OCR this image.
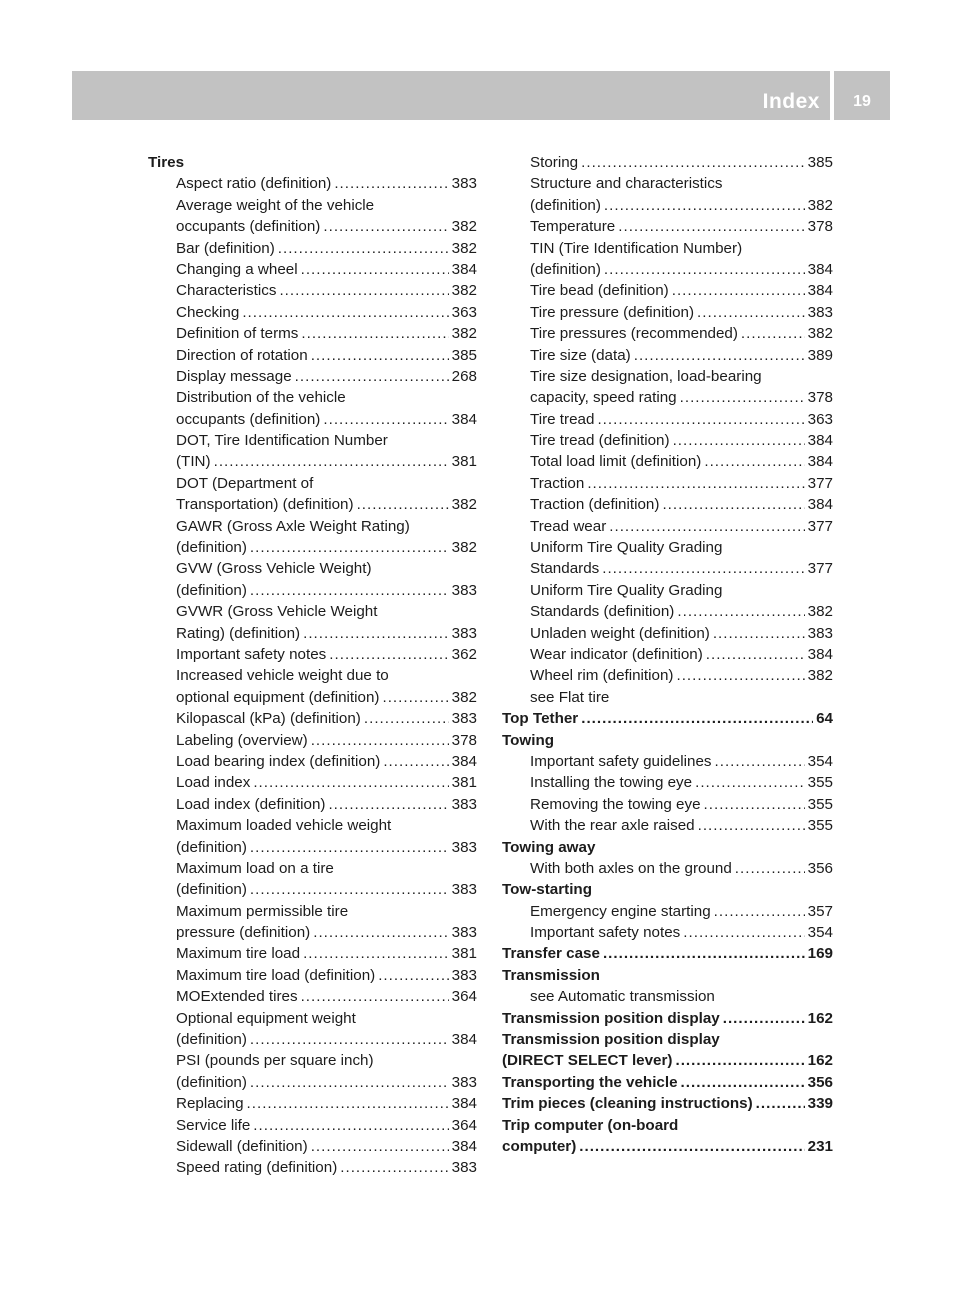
Index	19
Tires
Aspect ratio (definition) .....	383
Average weight of the vehicle
occupants (definition) .....	382
Bar (definition) .....	382
Changing a wheel .....	384
Characteristics .....	382
Checking .....	363
Definition of terms .....	382
Direction of rotation .....	385
Display message .....	268
Distribution of the vehicle
occupants (definition) .....	384
DOT, Tire Identification Number
(TIN) .....	381
DOT (Department of
Transportation) (definition) .....	382
GAWR (Gross Axle Weight Rating)
(definition) .....	382
GVW (Gross Vehicle Weight)
(definition) .....	383
GVWR (Gross Vehicle Weight
Rating) (definition) .....	383
Important safety notes .....	362
Increased vehicle weight due to
optional equipment (definition) .....	382
Kilopascal (kPa) (definition) .....	383
Labeling (overview) .....	378
Load bearing index (definition) .....	384
Load index .....	381
Load index (definition) .....	383
Maximum loaded vehicle weight
(definition) .....	383
Maximum load on a tire
(definition) .....	383
Maximum permissible tire
pressure (definition) .....	383
Maximum tire load .....	381
Maximum tire load (definition) .....	383
MOExtended tires .....	364
Optional equipment weight
(definition) .....	384
PSI (pounds per square inch)
(definition) .....	383
Replacing .....	384
Service life .....	364
Sidewall (definition) .....	384
Speed rating (definition) .....	383
Storing .....	385
Structure and characteristics
(definition) .....	382
Temperature .....	378
TIN (Tire Identification Number)
(definition) .....	384
Tire bead (definition) .....	384
Tire pressure (definition) .....	383
Tire pressures (recommended) .....	382
Tire size (data) .....	389
Tire size designation, load-bearing
capacity, speed rating .....	378
Tire tread .....	363
Tire tread (definition) .....	384
Total load limit (definition) .....	384
Traction .....	377
Traction (definition) .....	384
Tread wear .....	377
Uniform Tire Quality Grading
Standards .....	377
Uniform Tire Quality Grading
Standards (definition) .....	382
Unladen weight (definition) .....	383
Wear indicator (definition) .....	384
Wheel rim (definition) .....	382
see Flat tire
Top Tether .....	64
Towing
Important safety guidelines .....	354
Installing the towing eye .....	355
Removing the towing eye .....	355
With the rear axle raised .....	355
Towing away
With both axles on the ground .....	356
Tow-starting
Emergency engine starting .....	357
Important safety notes .....	354
Transfer case .....	169
Transmission
see Automatic transmission
Transmission position display .....	162
Transmission position display
(DIRECT SELECT lever) .....	162
Transporting the vehicle .....	356
Trim pieces (cleaning instructions) .....	339
Trip computer (on-board
computer) .....	231
